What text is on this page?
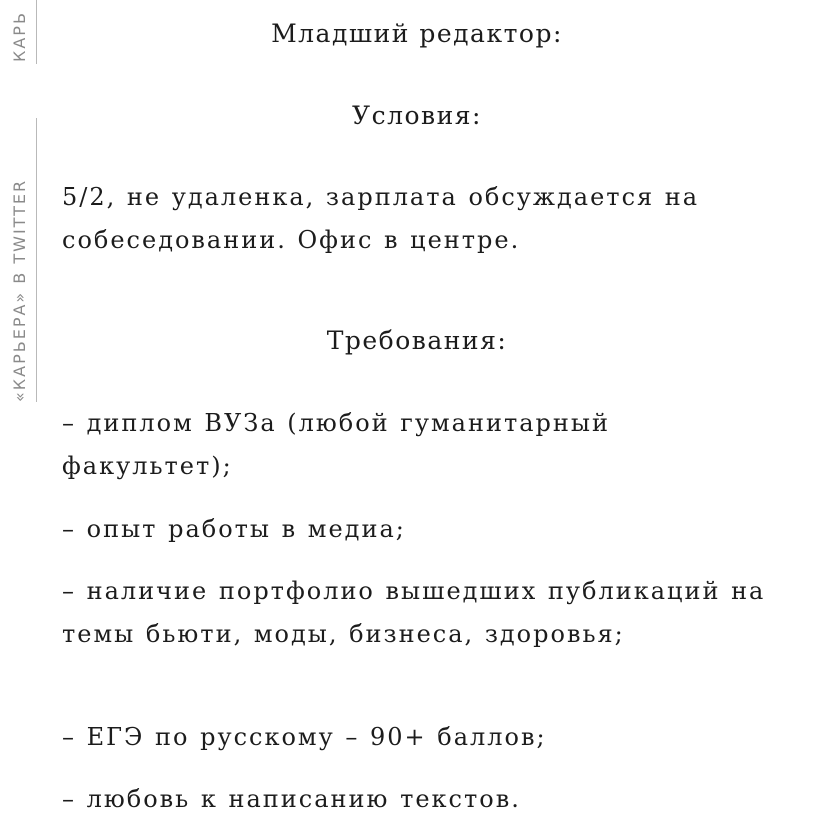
КАРЬ
«КАРЬЕРА» В TWITTER
Младший редактор:
Условия:
5/2, не удаленка, зарплата обсуждается на собеседовании. Офис в центре.
Требования:
– диплом ВУЗа (любой гуманитарный факультет);
– опыт работы в медиа;
– наличие портфолио вышедших публикаций на темы бьюти, моды, бизнеса, здоровья;
– ЕГЭ по русскому – 90+ баллов;
– любовь к написанию текстов.
